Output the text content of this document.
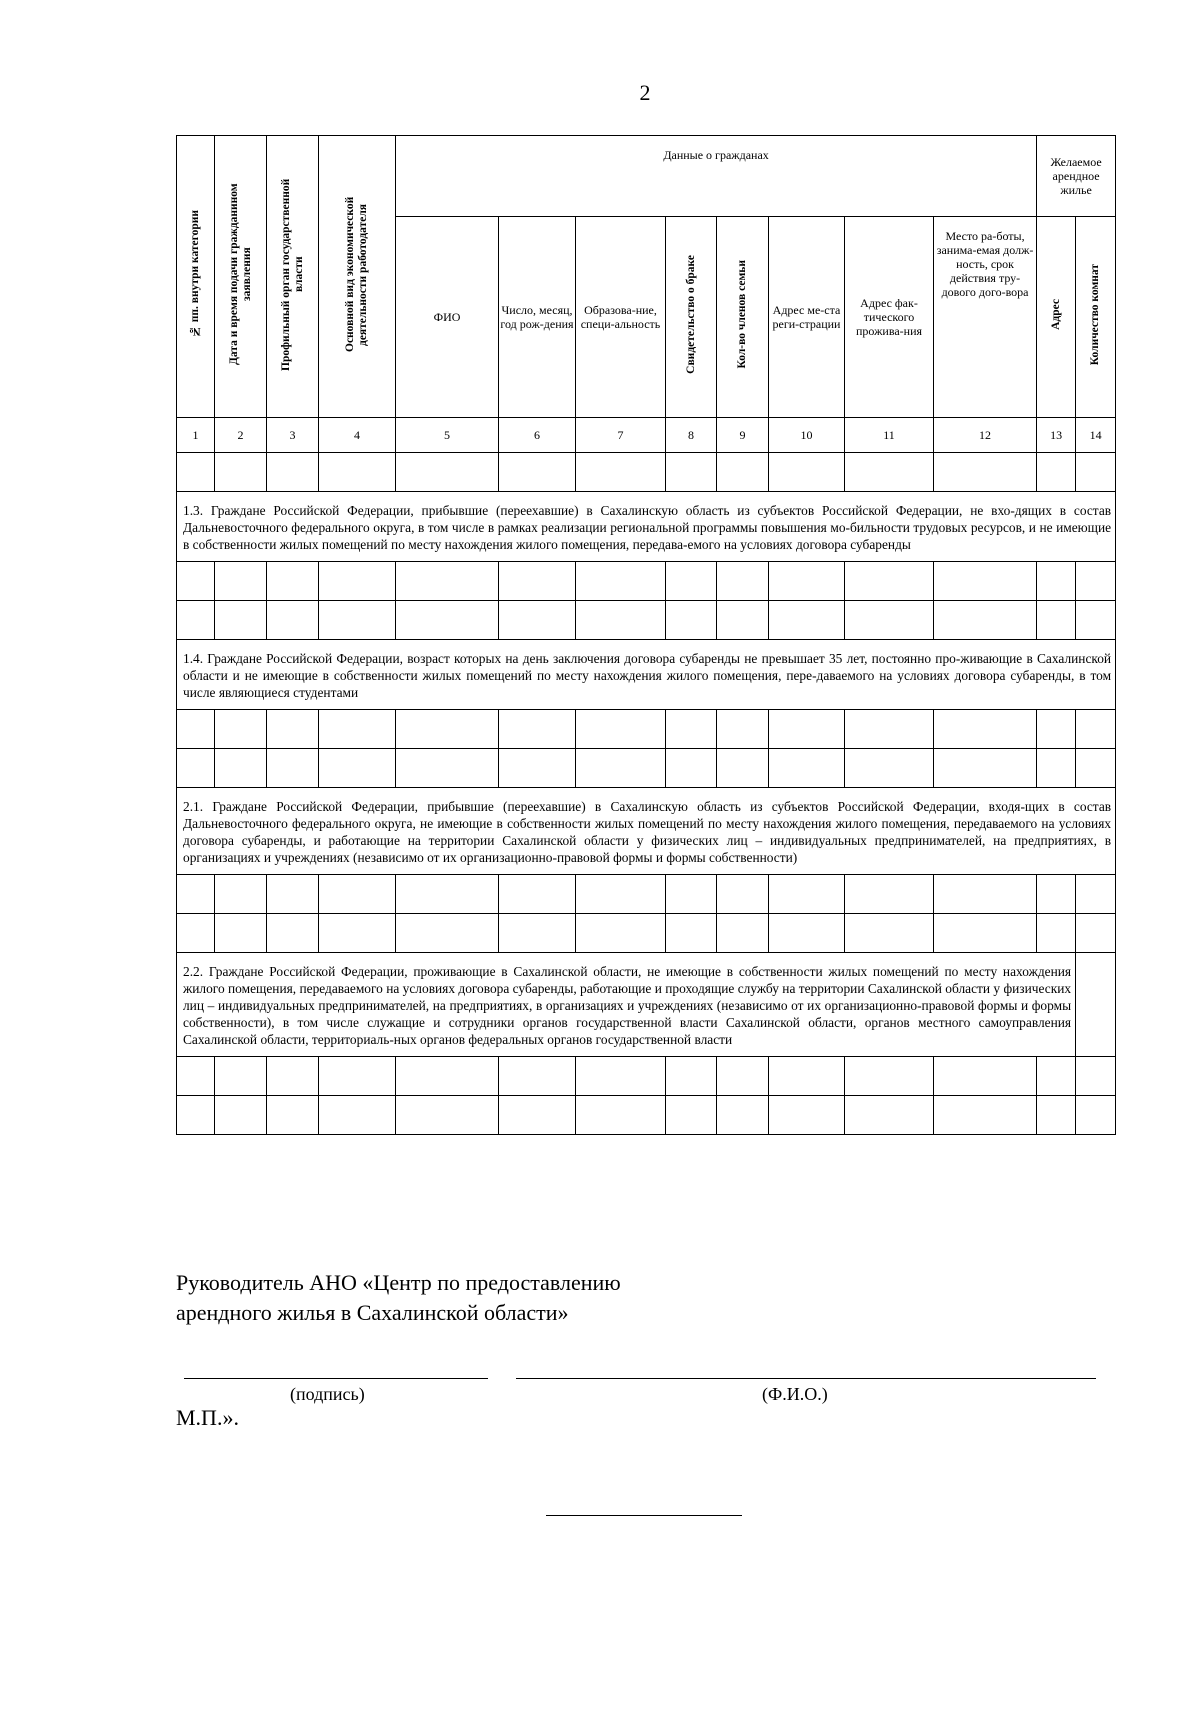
2
№ пп. внутри категории	Дата и время подачи гражданином заявления	Профильный орган государственной власти	Основной вид экономической деятельности работодателя	Данные о гражданах								Желаемое арендное жилье	
				ФИО	Число, месяц, год рож-дения	Образова-ние, специ-альность	Свидетельство о браке	Кол-во членов семьи	Адрес ме-ста реги-страции	Адрес фак-тического прожива-ния	Место ра-боты, занима-емая долж-ность, срок действия тру-дового дого-вора	Адрес	Количество комнат
1	2	3	4	5	6	7	8	9	10	11	12	13	14

1.3. Граждане Российской Федерации, прибывшие (переехавшие) в Сахалинскую область из субъектов Российской Федерации, не вхо-дящих в состав Дальневосточного федерального округа, в том числе в рамках реализации региональной программы повышения мо-бильности трудовых ресурсов, и не имеющие в собственности жилых помещений по месту нахождения жилого помещения, передава-емого на условиях договора субаренды													

1.4. Граждане Российской Федерации, возраст которых на день заключения договора субаренды не превышает 35 лет, постоянно про-живающие в Сахалинской области и не имеющие в собственности жилых помещений по месту нахождения жилого помещения, пере-даваемого на условиях договора субаренды, в том числе являющиеся студентами													

2.1. Граждане Российской Федерации, прибывшие (переехавшие) в Сахалинскую область из субъектов Российской Федерации, входя-щих в состав Дальневосточного федерального округа, не имеющие в собственности жилых помещений по месту нахождения жилого помещения, передаваемого на условиях договора субаренды, и работающие на территории Сахалинской области у физических лиц – индивидуальных предпринимателей, на предприятиях, в организациях и учреждениях (независимо от их организационно-правовой формы и формы собственности)													

2.2. Граждане Российской Федерации, проживающие в Сахалинской области, не имеющие в собственности жилых помещений по месту нахождения жилого помещения, передаваемого на условиях договора субаренды, работающие и проходящие службу на территории Сахалинской области у физических лиц – индивидуальных предпринимателей, на предприятиях, в организациях и учреждениях (независимо от их организационно-правовой формы и формы собственности), в том числе служащие и сотрудники органов государственной власти Сахалинской области, органов местного самоуправления Сахалинской области, территориаль-ных органов федеральных органов государственной власти													

Руководитель АНО «Центр по предоставлению
арендного жилья в Сахалинской области»
(подпись)	(Ф.И.О.)
М.П.».
